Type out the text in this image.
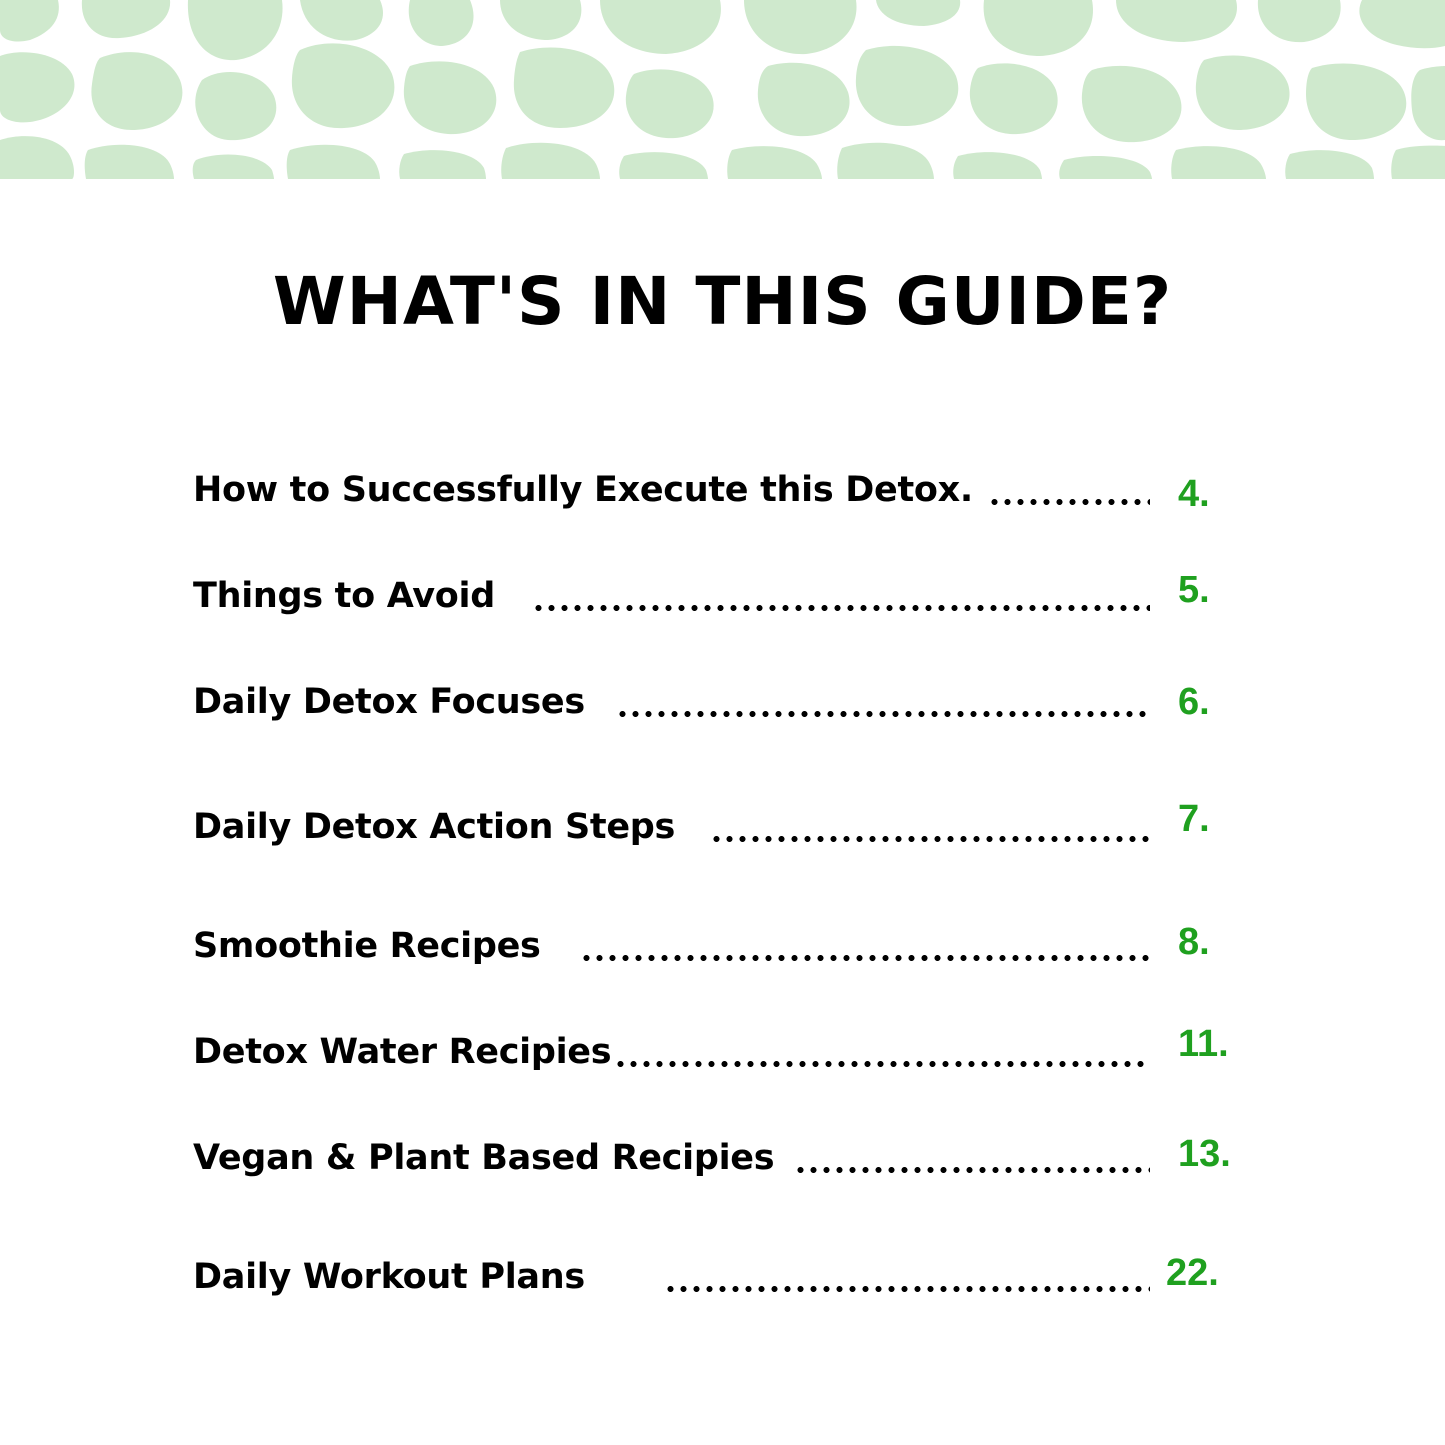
WHAT'S IN THIS GUIDE?
How to Successfully Execute this Detox.	4.
Things to Avoid	5.
Daily Detox Focuses	6.
Daily Detox Action Steps	7.
Smoothie Recipes	8.
Detox Water Recipies	11.
Vegan & Plant Based Recipies	13.
Daily Workout Plans	22.
